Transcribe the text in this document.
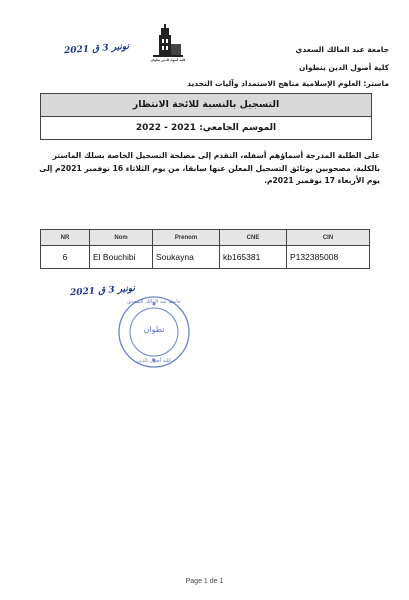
جامعة عبد المالك السعدي
كلية أصول الدين بتطوان
ماستر: العلوم الإسلامية مناهج الاستمداد وآليات التجديد
كلية أصول الدين تطوان
2021 نونبر 3 ق
التسجيل بالنسبة للائحة الانتظار
الموسم الجامعي: 2021 - 2022
على الطلبة المدرجة أسماؤهم أسفله، التقدم إلى مصلحة التسجيل الخاصة بسلك الماستر بالكلية، مصحوبين بوثائق التسجيل المعلن عنها سابقا، من يوم الثلاثاء 16 نوفمبر 2021م إلى يوم الأربعاء 17 نوفمبر 2021م.
NR	Nom	Prenom	CNE	CIN
6	El Bouchibi	Soukayna	kb165381	P132385008
2021 نونبر 3 ق
جامعة عبد المالك السعدي
تطوان
كلية أصول الدين
Page 1 de 1
